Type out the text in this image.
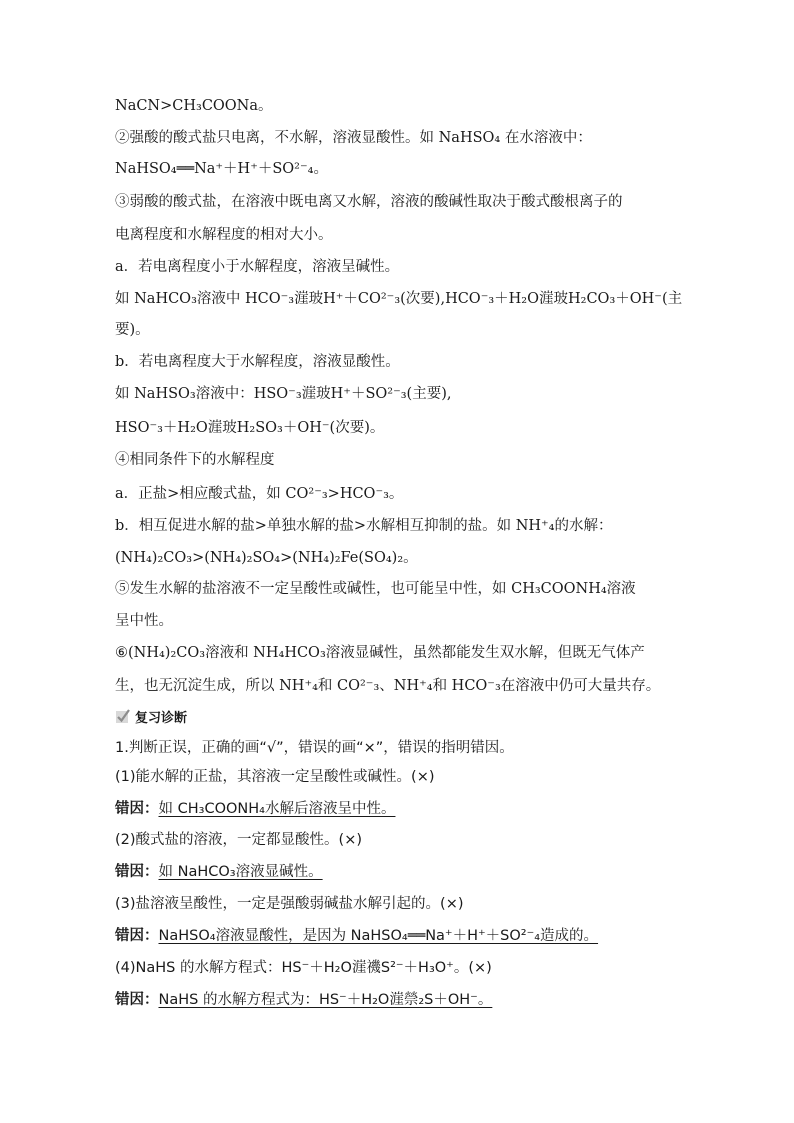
NaCN>CH₃COONa。
②强酸的酸式盐只电离，不水解，溶液显酸性。如 NaHSO₄ 在水溶液中：
NaHSO₄══Na⁺＋H⁺＋SO²⁻₄。
③弱酸的酸式盐，在溶液中既电离又水解，溶液的酸碱性取决于酸式酸根离子的
电离程度和水解程度的相对大小。
a．若电离程度小于水解程度，溶液呈碱性。
如 NaHCO₃溶液中 HCO⁻₃漄玻H⁺＋CO²⁻₃(次要),HCO⁻₃＋H₂O漄玻H₂CO₃＋OH⁻(主
要)。
b．若电离程度大于水解程度，溶液显酸性。
如 NaHSO₃溶液中：HSO⁻₃漄玻H⁺＋SO²⁻₃(主要),
HSO⁻₃＋H₂O漄玻H₂SO₃＋OH⁻(次要)。
④相同条件下的水解程度
a．正盐>相应酸式盐，如 CO²⁻₃>HCO⁻₃。
b．相互促进水解的盐>单独水解的盐>水解相互抑制的盐。如 NH⁺₄的水解：
(NH₄)₂CO₃>(NH₄)₂SO₄>(NH₄)₂Fe(SO₄)₂。
⑤发生水解的盐溶液不一定呈酸性或碱性，也可能呈中性，如 CH₃COONH₄溶液
呈中性。
⑥(NH₄)₂CO₃溶液和 NH₄HCO₃溶液显碱性，虽然都能发生双水解，但既无气体产
生，也无沉淀生成，所以 NH⁺₄和 CO²⁻₃、NH⁺₄和 HCO⁻₃在溶液中仍可大量共存。
复习诊断
1.判断正误，正确的画“√”，错误的画“×”，错误的指明错因。
(1)能水解的正盐，其溶液一定呈酸性或碱性。(×)
错因：如 CH₃COONH₄水解后溶液呈中性。
(2)酸式盐的溶液，一定都显酸性。(×)
错因：如 NaHCO₃溶液显碱性。
(3)盐溶液呈酸性，一定是强酸弱碱盐水解引起的。(×)
错因：NaHSO₄溶液显酸性，是因为 NaHSO₄══Na⁺＋H⁺＋SO²⁻₄造成的。
(4)NaHS 的水解方程式：HS⁻＋H₂O漄禨S²⁻＋H₃O⁺。(×)
错因：NaHS 的水解方程式为：HS⁻＋H₂O漄禜₂S＋OH⁻。
